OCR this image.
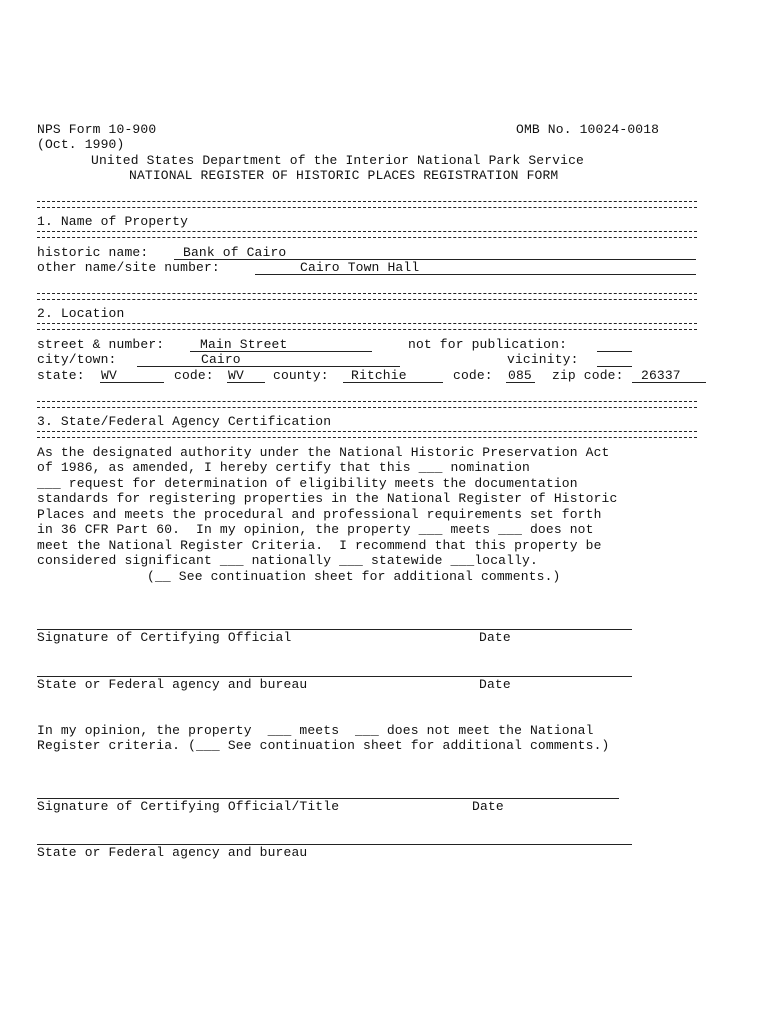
NPS Form 10-900	OMB No. 10024-0018
(Oct. 1990)
United States Department of the Interior National Park Service
NATIONAL REGISTER OF HISTORIC PLACES REGISTRATION FORM
1. Name of Property
historic name:	Bank of Cairo
other name/site number:	Cairo Town Hall
2. Location
street & number:	Main Street	not for publication:
city/town:	Cairo	vicinity:
state: WV	code: WV county: Ritchie	code: 085 zip code: 26337
3. State/Federal Agency Certification
As the designated authority under the National Historic Preservation Act
of 1986, as amended, I hereby certify that this ___ nomination
___ request for determination of eligibility meets the documentation
standards for registering properties in the National Register of Historic
Places and meets the procedural and professional requirements set forth
in 36 CFR Part 60.  In my opinion, the property ___ meets ___ does not
meet the National Register Criteria.  I recommend that this property be
considered significant ___ nationally ___ statewide ___locally.
(__ See continuation sheet for additional comments.)
Signature of Certifying Official	Date
State or Federal agency and bureau	Date
In my opinion, the property  ___ meets  ___ does not meet the National
Register criteria. (___ See continuation sheet for additional comments.)
Signature of Certifying Official/Title	Date
State or Federal agency and bureau
